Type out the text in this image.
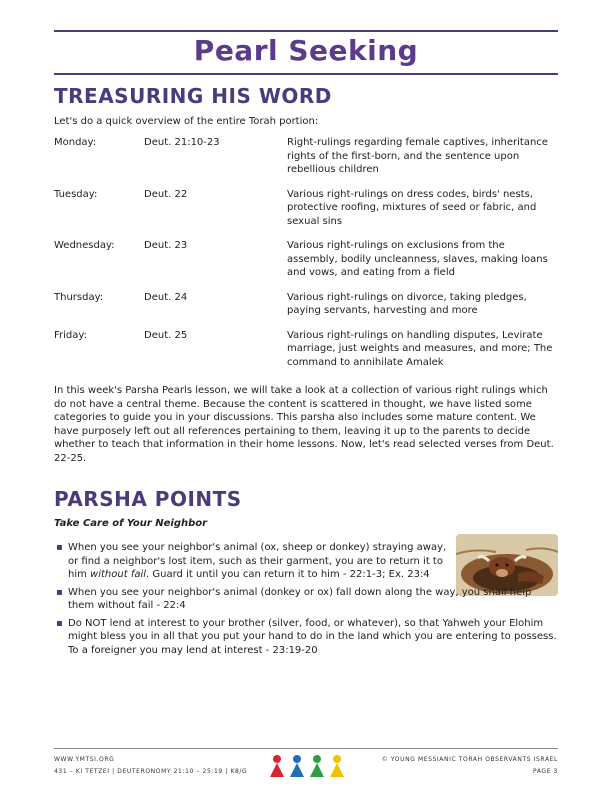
Pearl Seeking
TREASURING HIS WORD
Let's do a quick overview of the entire Torah portion:
Monday:	Deut. 21:10-23	Right-rulings regarding female captives, inheritance rights of the first-born, and the sentence upon rebellious children
Tuesday:	Deut. 22	Various right-rulings on dress codes, birds' nests, protective roofing, mixtures of seed or fabric, and sexual sins
Wednesday:	Deut. 23	Various right-rulings on exclusions from the assembly, bodily uncleanness, slaves, making loans and vows, and eating from a field
Thursday:	Deut. 24	Various right-rulings on divorce, taking pledges, paying servants, harvesting and more
Friday:	Deut. 25	Various right-rulings on handling disputes, Levirate marriage, just weights and measures, and more; The command to annihilate Amalek
In this week's Parsha Pearls lesson, we will take a look at a collection of various right rulings which do not have a central theme. Because the content is scattered in thought, we have listed some categories to guide you in your discussions. This parsha also includes some mature content. We have purposely left out all references pertaining to them, leaving it up to the parents to decide whether to teach that information in their home lessons. Now, let's read selected verses from Deut. 22-25.
PARSHA POINTS
Take Care of Your Neighbor
▪ When you see your neighbor's animal (ox, sheep or donkey) straying away, or find a neighbor's lost item, such as their garment, you are to return it to him without fail. Guard it until you can return it to him - 22:1-3; Ex. 23:4
▪ When you see your neighbor's animal (donkey or ox) fall down along the way, you shall help them without fail - 22:4
▪ Do NOT lend at interest to your brother (silver, food, or whatever), so that Yahweh your Elohim might bless you in all that you put your hand to do in the land which you are entering to possess. To a foreigner you may lend at interest - 23:19-20
WWW.YMTSI.ORG
431 – KI TETZEI | DEUTERONOMY 21:10 – 25:19 | K8/G
© YOUNG MESSIANIC TORAH OBSERVANTS ISRAEL
PAGE 3
